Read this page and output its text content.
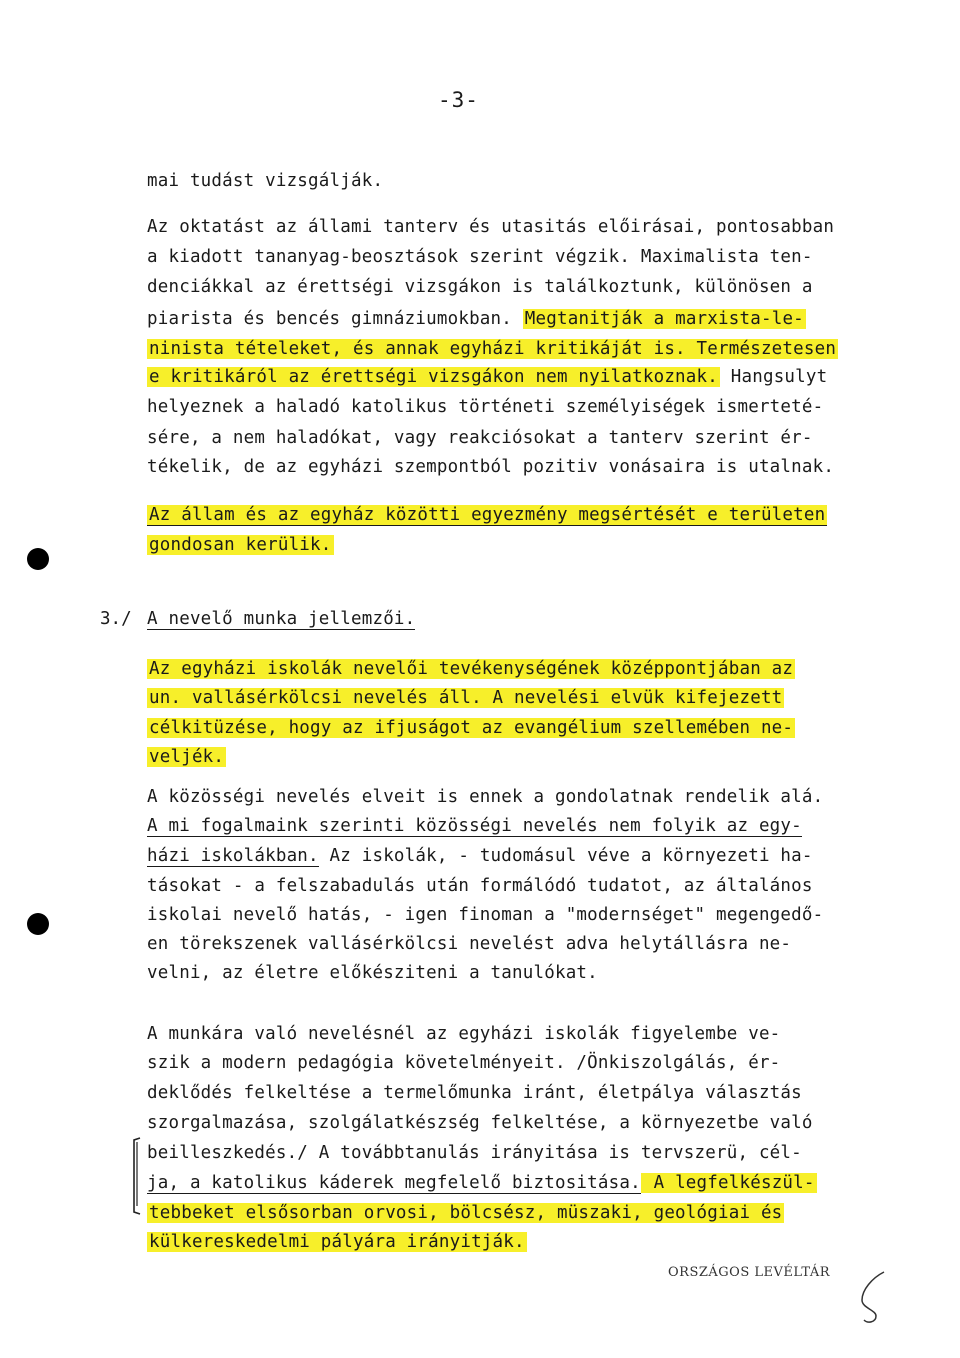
-3-
mai tudást vizsgálják.
Az oktatást az állami tanterv és utasitás előirásai, pontosabban
a kiadott tananyag-beosztások szerint végzik. Maximalista ten-
denciákkal az érettségi vizsgákon is találkoztunk, különösen a
piarista és bencés gimnáziumokban. Megtanitják a marxista-le-
ninista tételeket, és annak egyházi kritikáját is. Természetesen
e kritikáról az érettségi vizsgákon nem nyilatkoznak. Hangsulyt
helyeznek a haladó katolikus történeti személyiségek ismerteté-
sére, a nem haladókat, vagy reakciósokat a tanterv szerint ér-
tékelik, de az egyházi szempontból pozitiv vonásaira is utalnak.
Az állam és az egyház közötti egyezmény megsértését e területen
gondosan kerülik.
3./ A nevelő munka jellemzői.
Az egyházi iskolák nevelői tevékenységének középpontjában az
un. vallásérkölcsi nevelés áll. A nevelési elvük kifejezett
célkitüzése, hogy az ifjuságot az evangélium szellemében ne-
veljék.
A közösségi nevelés elveit is ennek a gondolatnak rendelik alá.
A mi fogalmaink szerinti közösségi nevelés nem folyik az egy-
házi iskolákban. Az iskolák, - tudomásul véve a környezeti ha-
tásokat - a felszabadulás után formálódó tudatot, az általános
iskolai nevelő hatás, - igen finoman a "modernséget" megengedő-
en törekszenek vallásérkölcsi nevelést adva helytállásra ne-
velni, az életre előkésziteni a tanulókat.
A munkára való nevelésnél az egyházi iskolák figyelembe ve-
szik a modern pedagógia követelményeit. /Önkiszolgálás, ér-
deklődés felkeltése a termelőmunka iránt, életpálya választás
szorgalmazása, szolgálatkészség felkeltése, a környezetbe való
beilleszkedés./ A továbbtanulás irányitása is tervszerü, cél-
ja, a katolikus káderek megfelelő biztositása. A legfelkészül-
tebbeket elsősorban orvosi, bölcsész, müszaki, geológiai és
külkereskedelmi pályára irányitják.
ORSZÁGOS LEVÉLTÁR
